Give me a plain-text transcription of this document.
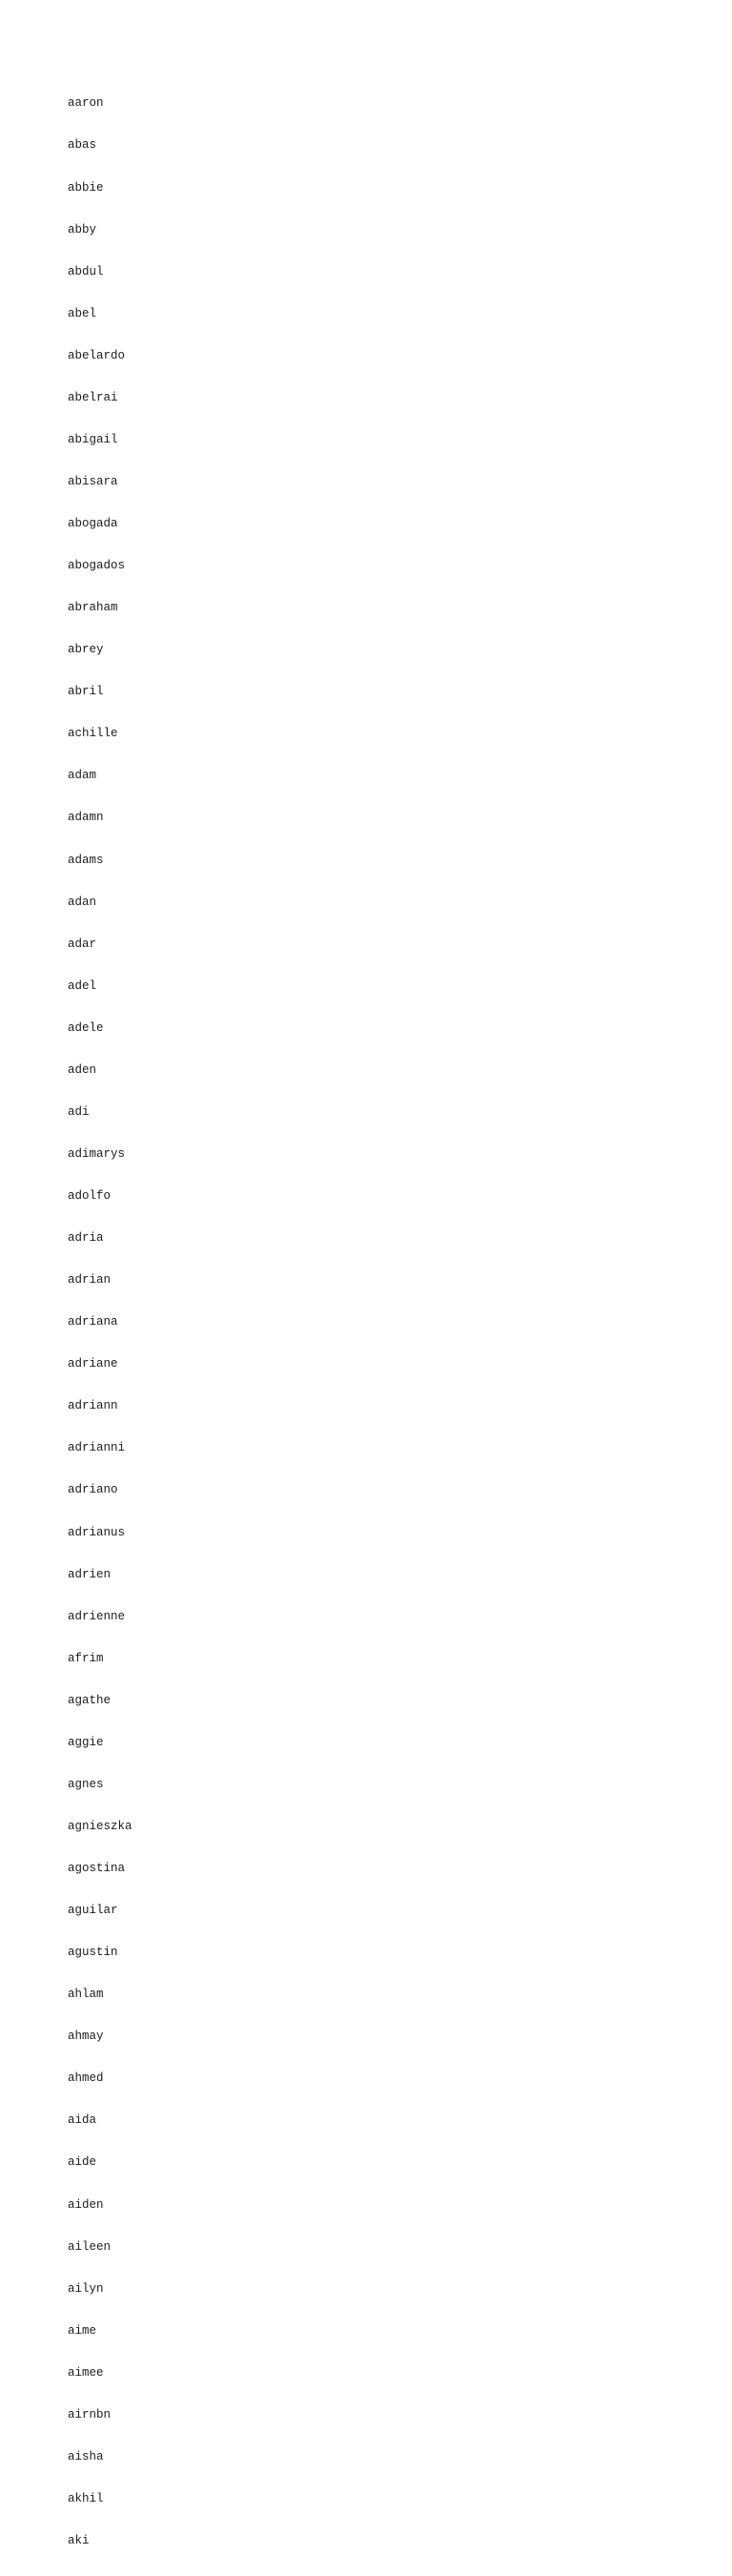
aaron

abas

abbie

abby

abdul

abel

abelardo

abelrai

abigail

abisara

abogada

abogados

abraham

abrey

abril

achille

adam

adamn

adams

adan

adar

adel

adele

aden

adi

adimarys

adolfo

adria

adrian

adriana

adriane

adriann

adrianni

adriano

adrianus

adrien

adrienne

afrim

agathe

aggie

agnes

agnieszka

agostina

aguilar

agustin

ahlam

ahmay

ahmed

aida

aide

aiden

aileen

ailyn

aime

aimee

airnbn

aisha

akhil

aki
